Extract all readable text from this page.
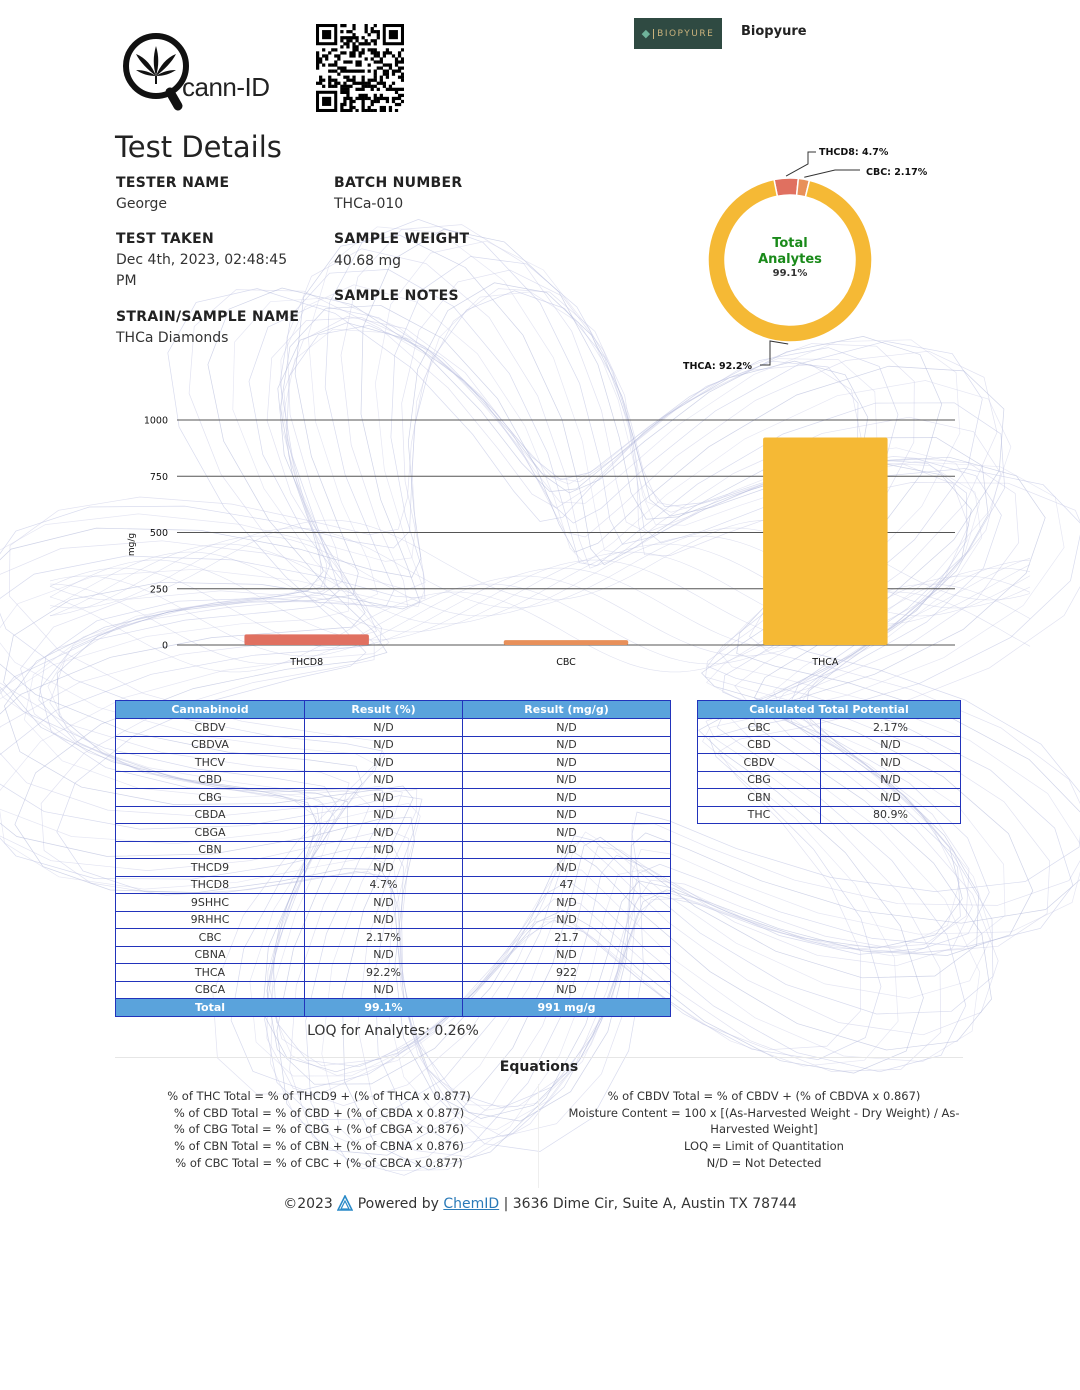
cann-ID
◆ BIOPYURE Biopyure
Test Details
TESTER NAME
George
TEST TAKEN
Dec 4th, 2023, 02:48:45 PM
STRAIN/SAMPLE NAME
THCa Diamonds
BATCH NUMBER
THCa-010
SAMPLE WEIGHT
40.68 mg
SAMPLE NOTES
THCD8: 4.7%
CBC: 2.17%
THCA: 92.2%
Total
Analytes
99.1%
0
250
500
750
1000
mg/g
THCD8	CBC	THCA
Cannabinoid	Result (%)	Result (mg/g)
CBDV	N/D	N/D
CBDVA	N/D	N/D
THCV	N/D	N/D
CBD	N/D	N/D
CBG	N/D	N/D
CBDA	N/D	N/D
CBGA	N/D	N/D
CBN	N/D	N/D
THCD9	N/D	N/D
THCD8	4.7%	47
9SHHC	N/D	N/D
9RHHC	N/D	N/D
CBC	2.17%	21.7
CBNA	N/D	N/D
THCA	92.2%	922
CBCA	N/D	N/D
Total	99.1%	991 mg/g
LOQ for Analytes: 0.26%
Calculated Total Potential	
CBC	2.17%
CBD	N/D
CBDV	N/D
CBG	N/D
CBN	N/D
THC	80.9%
Equations
% of THC Total = % of THCD9 + (% of THCA x 0.877)
% of CBD Total = % of CBD + (% of CBDA x 0.877)
% of CBG Total = % of CBG + (% of CBGA x 0.876)
% of CBN Total = % of CBN + (% of CBNA x 0.876)
% of CBC Total = % of CBC + (% of CBCA x 0.877)
% of CBDV Total = % of CBDV + (% of CBDVA x 0.867)
Moisture Content = 100 x [(As-Harvested Weight - Dry Weight) / As-Harvested Weight]
LOQ = Limit of Quantitation
N/D = Not Detected
©2023 Powered by ChemID | 3636 Dime Cir, Suite A, Austin TX 78744
